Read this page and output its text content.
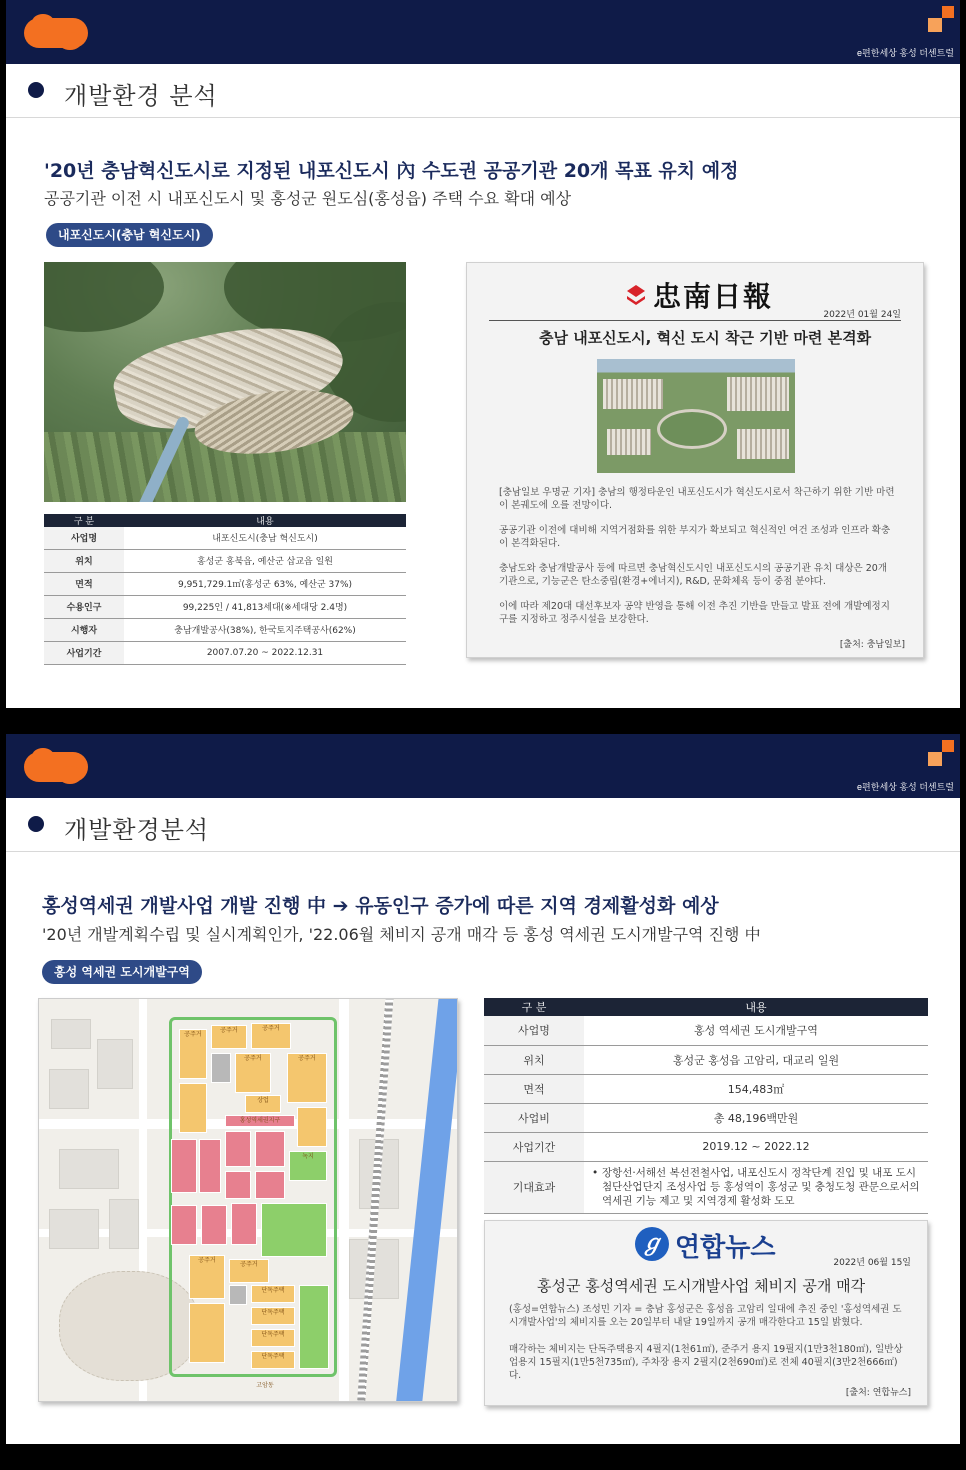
e편한세상 홍성 더센트럴
개발환경 분석
'20년 충남혁신도시로 지정된 내포신도시 內 수도권 공공기관 20개 목표 유치 예정
공공기관 이전 시 내포신도시 및 홍성군 원도심(홍성읍) 주택 수요 확대 예상
내포신도시(충남 혁신도시)
구 분	내용
사업명	내포신도시(충남 혁신도시)
위치	홍성군 홍북읍, 예산군 삽교읍 일원
면적	9,951,729.1㎡(홍성군 63%, 예산군 37%)
수용인구	99,225인 / 41,813세대(※세대당 2.4명)
시행자	충남개발공사(38%), 한국토지주택공사(62%)
사업기간	2007.07.20 ~ 2022.12.31
忠南日報
2022년 01월 24일
충남 내포신도시, 혁신 도시 착근 기반 마련 본격화
[충남일보 우명균 기자] 충남의 행정타운인 내포신도시가 혁신도시로서 착근하기 위한 기반 마련이 본궤도에 오를 전망이다.
공공기관 이전에 대비해 지역거점화를 위한 부지가 확보되고 혁신적인 여건 조성과 인프라 확충이 본격화된다.
충남도와 충남개발공사 등에 따르면 충남혁신도시인 내포신도시의 공공기관 유치 대상은 20개 기관으로, 기능군은 탄소중립(환경+에너지), R&D, 문화체육 등이 중점 분야다.
이에 따라 제20대 대선후보자 공약 반영을 통해 이전 추진 기반을 만들고 발표 전에 개발예정지구를 지정하고 정주시설을 보강한다.
[출처: 충남일보]
e편한세상 홍성 더센트럴
개발환경분석
홍성역세권 개발사업 개발 진행 中 ➔ 유동인구 증가에 따른 지역 경제활성화 예상
'20년 개발계획수립 및 실시계획인가, '22.06월 체비지 공개 매각 등 홍성 역세권 도시개발구역 진행 中
홍성 역세권 도시개발구역
공주거
공주거	공주거
공주거	공주거
상업
홍성역세권지구
녹지
공주거
공주거
단독주택
단독주택
단독주택
단독주택
고암동
구 분	내용
사업명	홍성 역세권 도시개발구역
위치	홍성군 홍성읍 고암리, 대교리 일원
면적	154,483㎡
사업비	총 48,196백만원
사업기간	2019.12 ~ 2022.12
기대효과	• 장항선·서해선 복선전철사업, 내포신도시 정착단계 진입 및 내포 도시첨단산업단지 조성사업 등 홍성역이 홍성군 및 충청도청 관문으로서의 역세권 기능 제고 및 지역경제 활성화 도모
ℊ 연합뉴스	2022년 06월 15일
홍성군 홍성역세권 도시개발사업 체비지 공개 매각
(홍성=연합뉴스) 조성민 기자 = 충남 홍성군은 홍성읍 고암리 일대에 추진 중인 '홍성역세권 도시개발사업'의 체비지를 오는 20일부터 내달 19일까지 공개 매각한다고 15일 밝혔다.
매각하는 체비지는 단독주택용지 4필지(1천61㎡), 준주거 용지 19필지(1만3천180㎡), 일반상업용지 15필지(1만5천735㎡), 주차장 용지 2필지(2천690㎡)로 전체 40필지(3만2천666㎡)다.
[출처: 연합뉴스]
